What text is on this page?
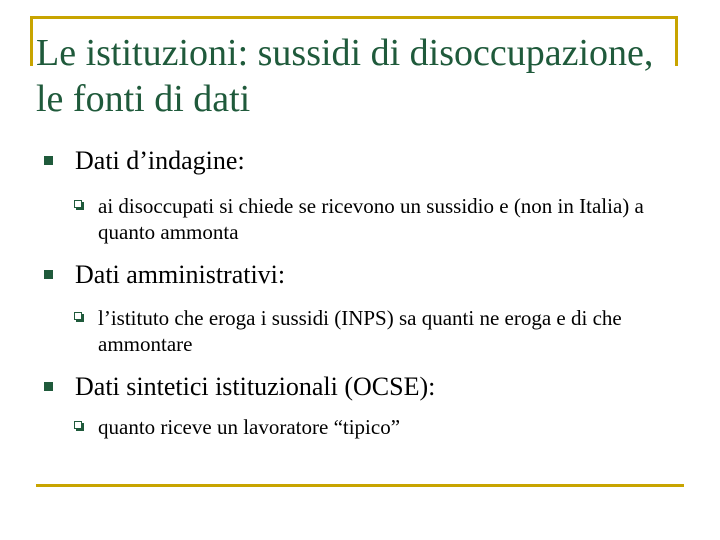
Le istituzioni: sussidi di disoccupazione, le fonti di dati
Dati d’indagine:
ai disoccupati si chiede se ricevono un sussidio e (non in Italia) a quanto ammonta
Dati amministrativi:
l’istituto che eroga i sussidi (INPS) sa quanti ne eroga e di che ammontare
Dati sintetici istituzionali (OCSE):
quanto riceve un lavoratore “tipico”
